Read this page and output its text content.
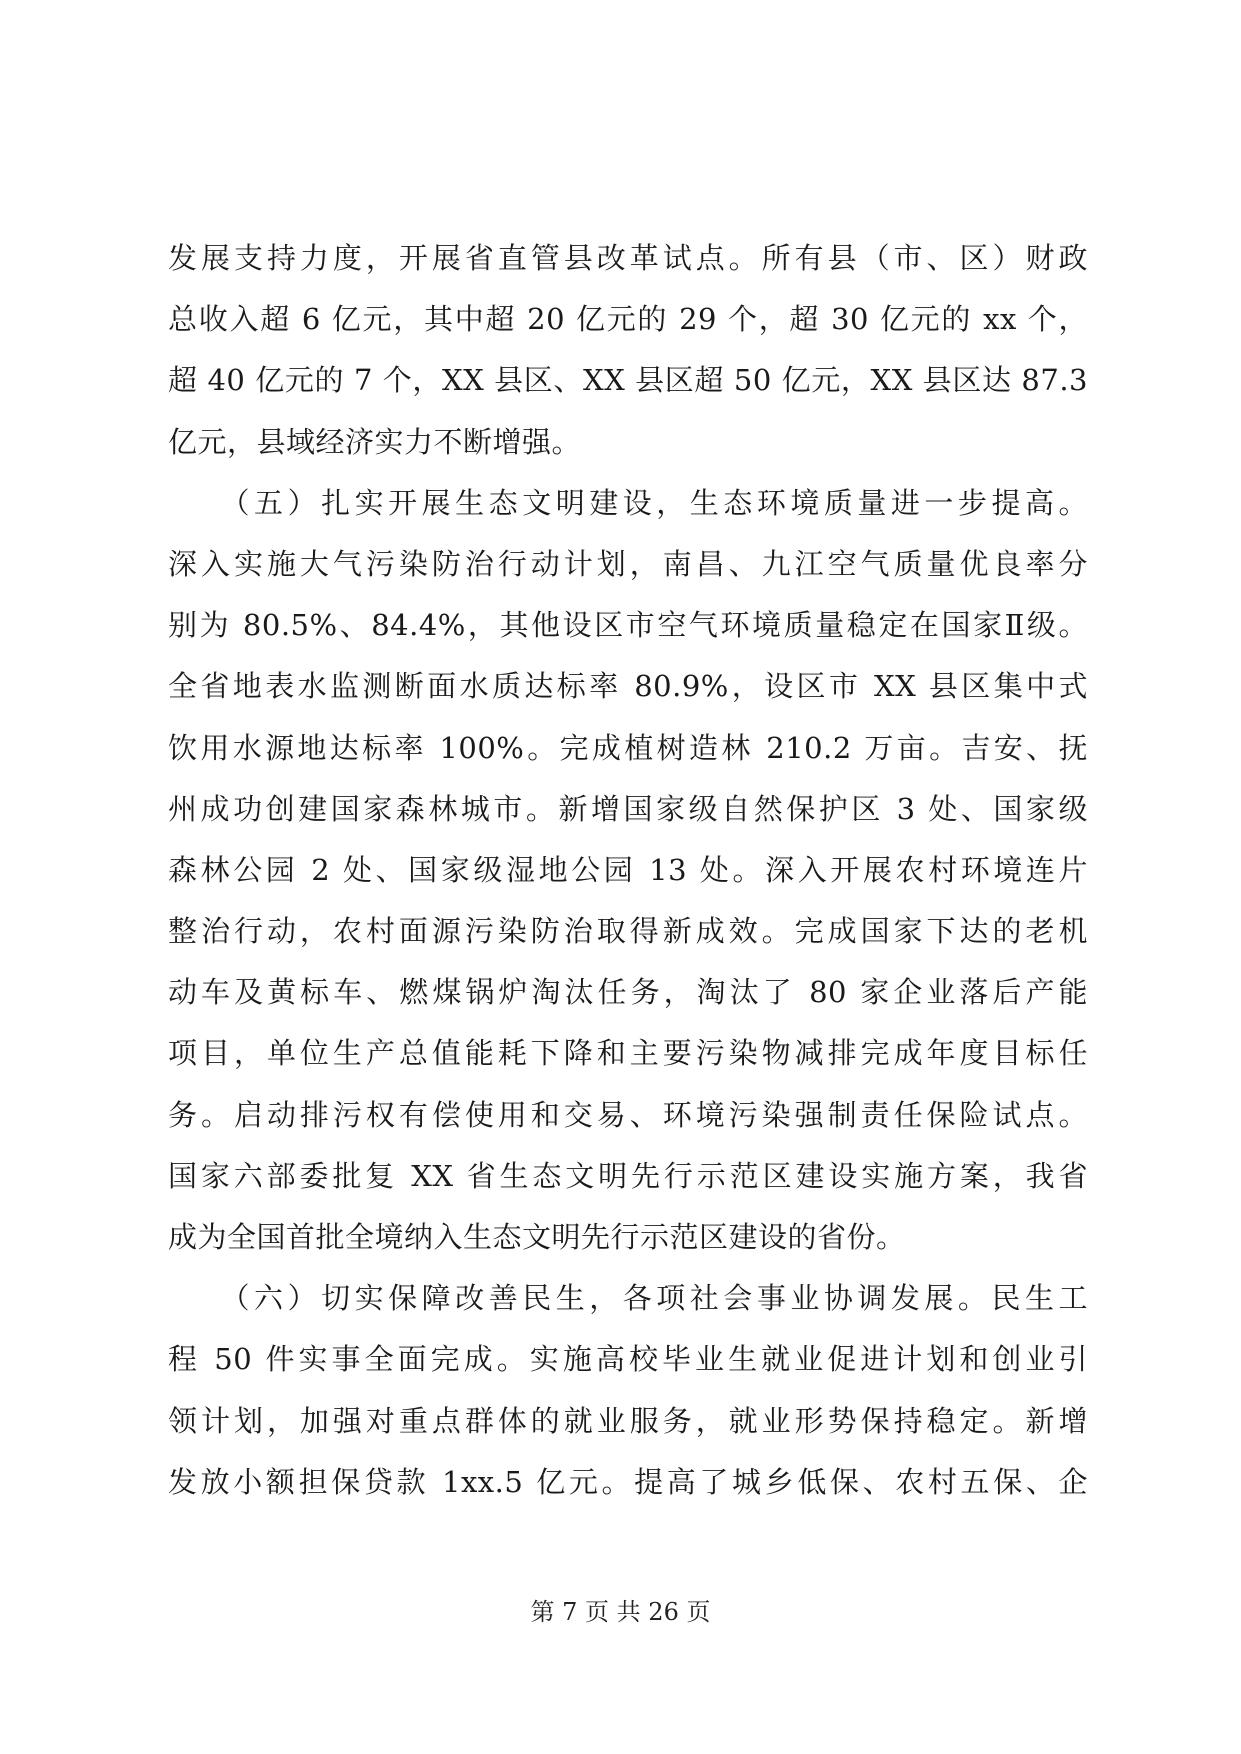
发展支持力度，开展省直管县改革试点。所有县（市、区）财政
总收入超 6 亿元，其中超 20 亿元的 29 个，超 30 亿元的 xx 个，
超 40 亿元的 7 个，XX 县区、XX 县区超 50 亿元，XX 县区达 87.3
亿元，县域经济实力不断增强。
　　（五）扎实开展生态文明建设，生态环境质量进一步提高。
深入实施大气污染防治行动计划，南昌、九江空气质量优良率分
别为 80.5%、84.4%，其他设区市空气环境质量稳定在国家Ⅱ级。
全省地表水监测断面水质达标率 80.9%，设区市 XX 县区集中式
饮用水源地达标率 100%。完成植树造林 210.2 万亩。吉安、抚
州成功创建国家森林城市。新增国家级自然保护区 3 处、国家级
森林公园 2 处、国家级湿地公园 13 处。深入开展农村环境连片
整治行动，农村面源污染防治取得新成效。完成国家下达的老机
动车及黄标车、燃煤锅炉淘汰任务，淘汰了 80 家企业落后产能
项目，单位生产总值能耗下降和主要污染物减排完成年度目标任
务。启动排污权有偿使用和交易、环境污染强制责任保险试点。
国家六部委批复 XX 省生态文明先行示范区建设实施方案，我省
成为全国首批全境纳入生态文明先行示范区建设的省份。
　　（六）切实保障改善民生，各项社会事业协调发展。民生工
程 50 件实事全面完成。实施高校毕业生就业促进计划和创业引
领计划，加强对重点群体的就业服务，就业形势保持稳定。新增
发放小额担保贷款 1xx.5 亿元。提高了城乡低保、农村五保、企
第 7 页 共 26 页
